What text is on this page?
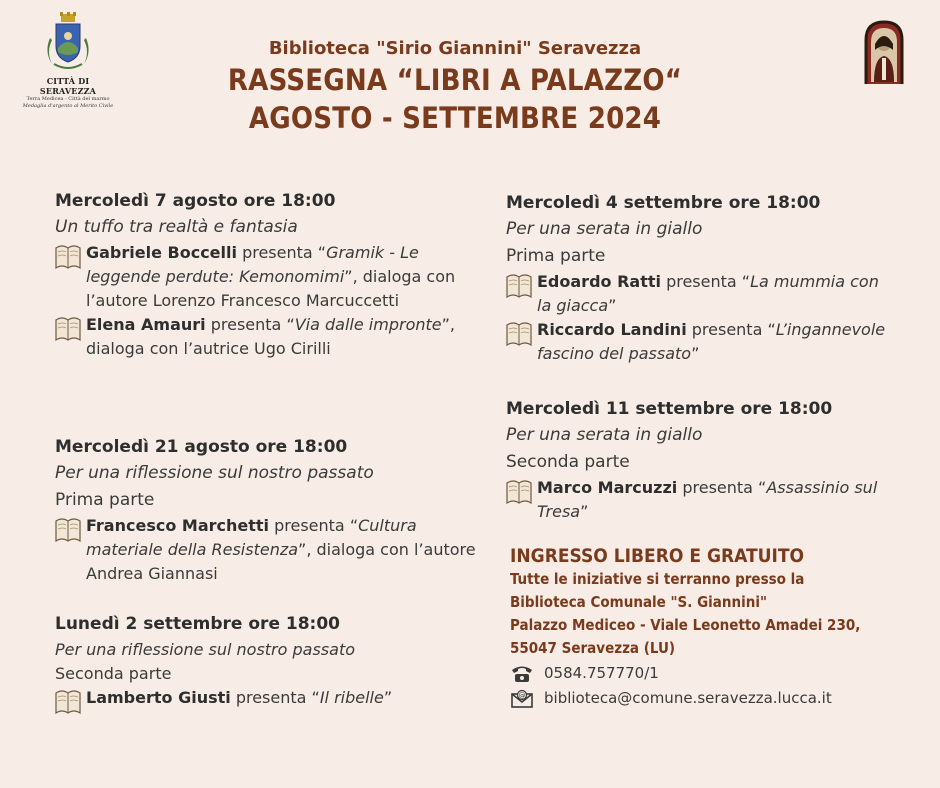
CITTÀ DI SERAVEZZA
Terra Medicea - Città del marmo
Medaglia d'argento al Merito Civile
Biblioteca "Sirio Giannini" Seravezza
RASSEGNA “LIBRI A PALAZZO“
AGOSTO - SETTEMBRE 2024
Mercoledì 7 agosto ore 18:00
Un tuffo tra realtà e fantasia
Gabriele Boccelli presenta “Gramik - Le leggende perdute: Kemonomimi”, dialoga con l’autore Lorenzo Francesco Marcuccetti
Elena Amauri presenta “Via dalle impronte”, dialoga con l’autrice Ugo Cirilli
Mercoledì 21 agosto ore 18:00
Per una riflessione sul nostro passato
Prima parte
Francesco Marchetti presenta “Cultura materiale della Resistenza”, dialoga con l’autore Andrea Giannasi
Lunedì 2 settembre ore 18:00
Per una riflessione sul nostro passato
Seconda parte
Lamberto Giusti presenta “Il ribelle”
Mercoledì 4 settembre ore 18:00
Per una serata in giallo
Prima parte
Edoardo Ratti presenta “La mummia con la giacca”
Riccardo Landini presenta “L’ingannevole fascino del passato”
Mercoledì 11 settembre ore 18:00
Per una serata in giallo
Seconda parte
Marco Marcuzzi presenta “Assassinio sul Tresa”
INGRESSO LIBERO E GRATUITO
Tutte le iniziative si terranno presso la
Biblioteca Comunale "S. Giannini"
Palazzo Mediceo - Viale Leonetto Amadei 230,
55047 Seravezza (LU)
0584.757770/1
@ biblioteca@comune.seravezza.lucca.it
